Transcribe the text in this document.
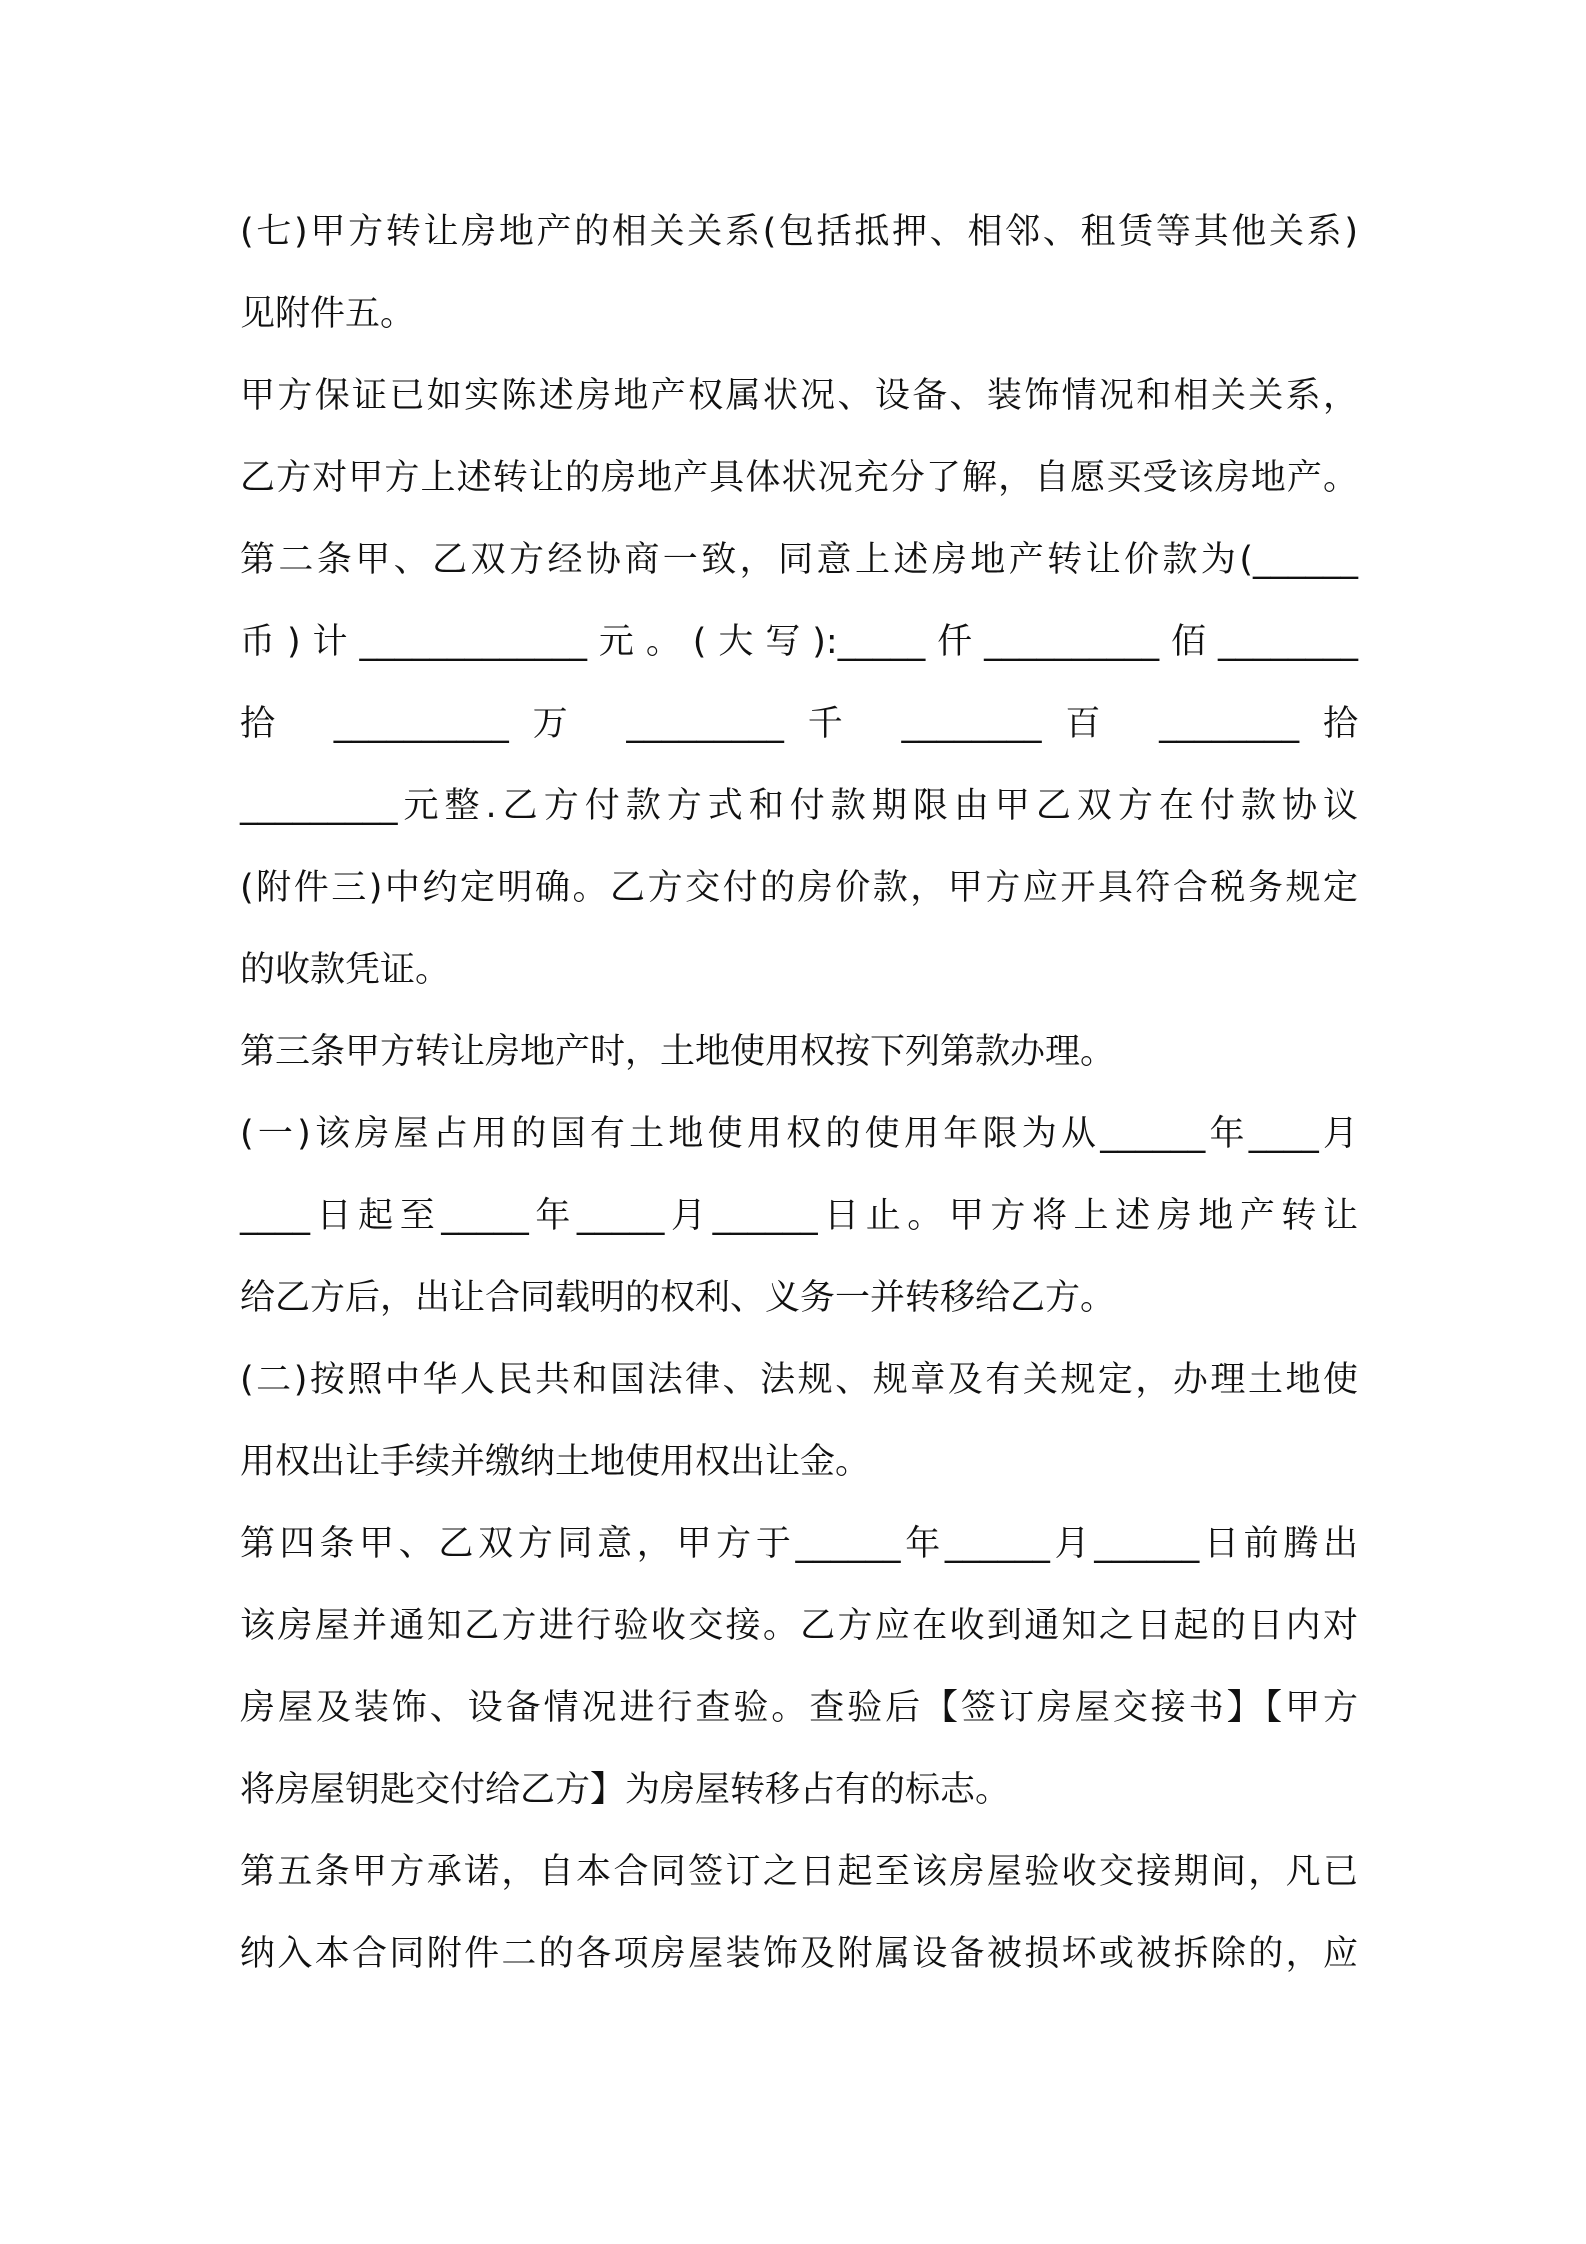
(七)甲方转让房地产的相关关系(包括抵押、相邻、租赁等其他关系)
见附件五。
甲方保证已如实陈述房地产权属状况、设备、装饰情况和相关关系，
乙方对甲方上述转让的房地产具体状况充分了解，自愿买受该房地产。
第二条甲、乙双方经协商一致，同意上述房地产转让价款为(______
币)计_____________元。(大写):_____仟__________佰________
拾 __________万 _________千 ________百 ________拾
_________元整.乙方付款方式和付款期限由甲乙双方在付款协议
(附件三)中约定明确。乙方交付的房价款，甲方应开具符合税务规定
的收款凭证。
第三条甲方转让房地产时，土地使用权按下列第款办理。
(一)该房屋占用的国有土地使用权的使用年限为从______年____月
____日起至_____年_____月______日止。甲方将上述房地产转让
给乙方后，出让合同载明的权利、义务一并转移给乙方。
(二)按照中华人民共和国法律、法规、规章及有关规定，办理土地使
用权出让手续并缴纳土地使用权出让金。
第四条甲、乙双方同意，甲方于______年______月______日前腾出
该房屋并通知乙方进行验收交接。乙方应在收到通知之日起的日内对
房屋及装饰、设备情况进行查验。查验后【签订房屋交接书】【甲方
将房屋钥匙交付给乙方】为房屋转移占有的标志。
第五条甲方承诺，自本合同签订之日起至该房屋验收交接期间，凡已
纳入本合同附件二的各项房屋装饰及附属设备被损坏或被拆除的，应
